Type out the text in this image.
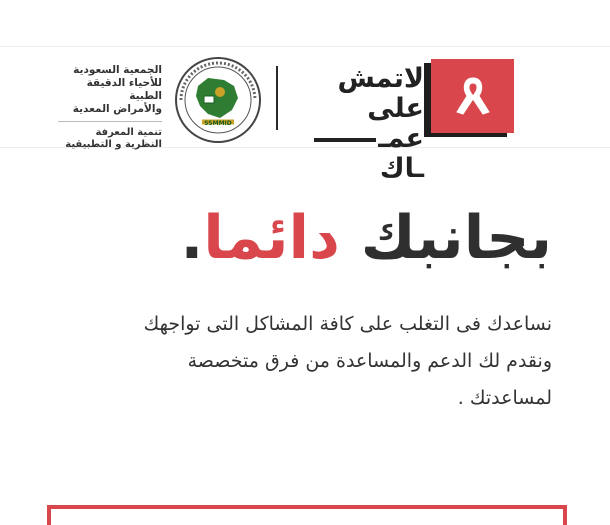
لاتمش على
عمــاك
SSMMID
الجمعية السعودية
للأحياء الدقيقة الطبية
والأمراض المعدية
تنمية المعرفة
النظرية و التطبيقية
بجانبك دائما.
نساعدك فى التغلب على كافة المشاكل التى تواجهك
ونقدم لك الدعم والمساعدة من فرق متخصصة
لمساعدتك .
